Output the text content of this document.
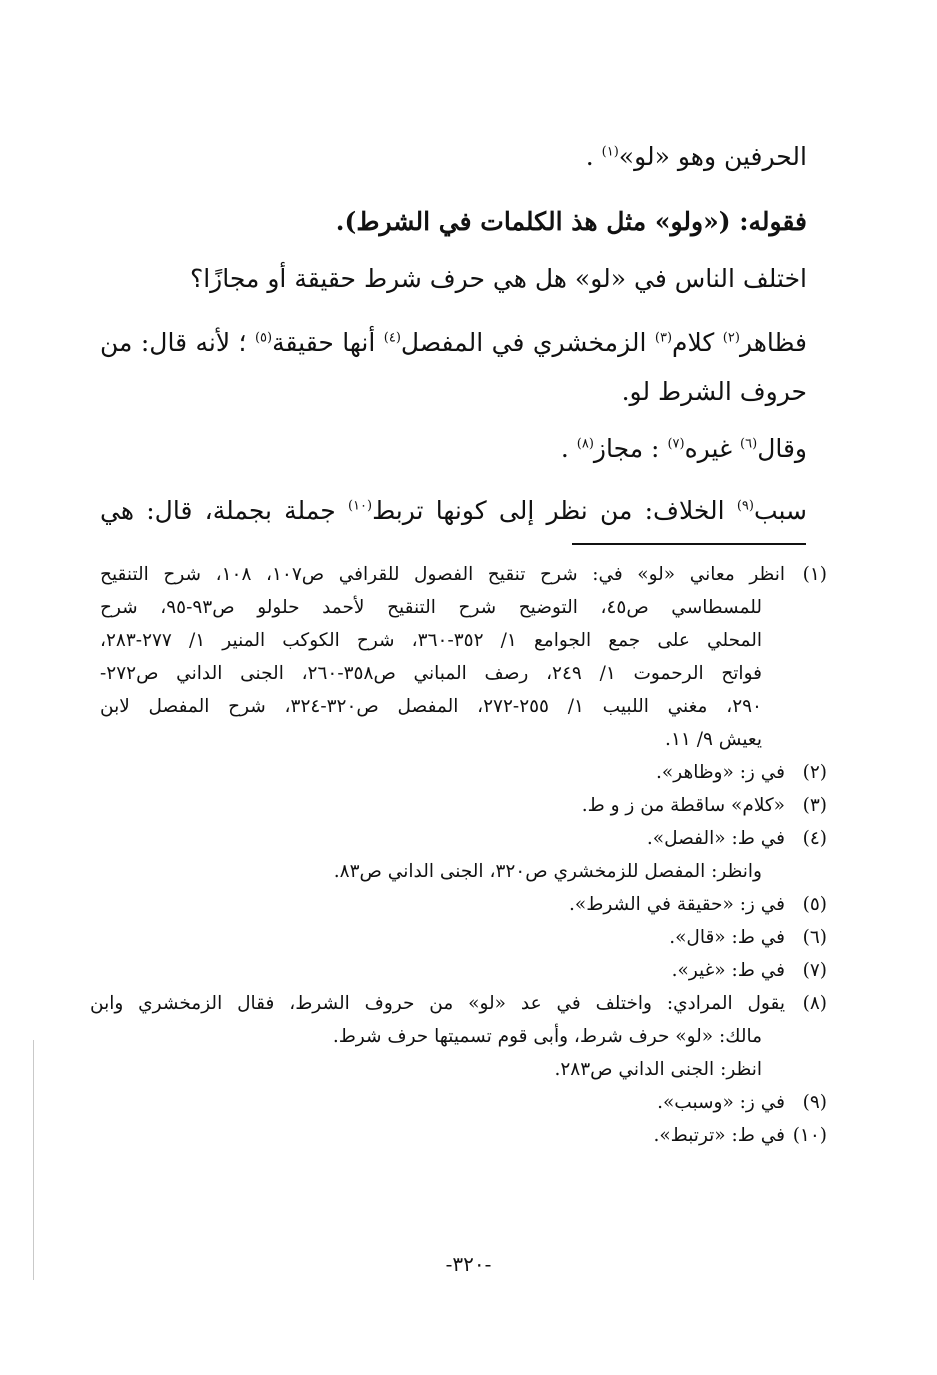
الحرفين وهو «لو»$^{(١)}$ .
فقوله: («ولو» مثل هذ الكلمات في الشرط).
اختلف الناس في «لو» هل هي حرف شرط حقيقة أو مجازًا؟
فظاهر$^{(٢)}$ كلام$^{(٣)}$ الزمخشري في المفصل$^{(٤)}$ أنها حقيقة$^{(٥)}$ ؛ لأنه قال: من
حروف الشرط لو.
وقال$^{(٦)}$ غيره$^{(٧)}$ : مجاز$^{(٨)}$ .
سبب$^{(٩)}$ الخلاف: من نظر إلى كونها تربط$^{(١٠)}$ جملة بجملة، قال: هي
(١)انظر معاني «لو» في: شرح تنقيح الفصول للقرافي ص١٠٧، ١٠٨، شرح التنقيح
للمسطاسي ص٤٥، التوضيح شرح التنقيح لأحمد حلولو ص٩٣-٩٥، شرح
المحلي على جمع الجوامع ١/ ٣٥٢-٣٦٠، شرح الكوكب المنير ١/ ٢٧٧-٢٨٣،
فواتح الرحموت ١/ ٢٤٩، رصف المباني ص٣٥٨-٢٦٠، الجنى الداني ص٢٧٢-
٢٩٠، مغني اللبيب ١/ ٢٥٥-٢٧٢، المفصل ص٣٢٠-٣٢٤، شرح المفصل لابن
يعيش ٩/ ١١.
(٢)في ز: «وظاهر».
(٣)«كلام» ساقطة من ز و ط.
(٤)في ط: «الفصل».
وانظر: المفصل للزمخشري ص٣٢٠، الجنى الداني ص٨٣.
(٥)في ز: «حقيقة في الشرط».
(٦)في ط: «قال».
(٧)في ط: «غير».
(٨)يقول المرادي: واختلف في عد «لو» من حروف الشرط، فقال الزمخشري وابن
مالك: «لو» حرف شرط، وأبى قوم تسميتها حرف شرط.
انظر: الجنى الداني ص٢٨٣.
(٩)في ز: «وسبب».
(١٠)في ط: «ترتبط».
-٣٢٠-
